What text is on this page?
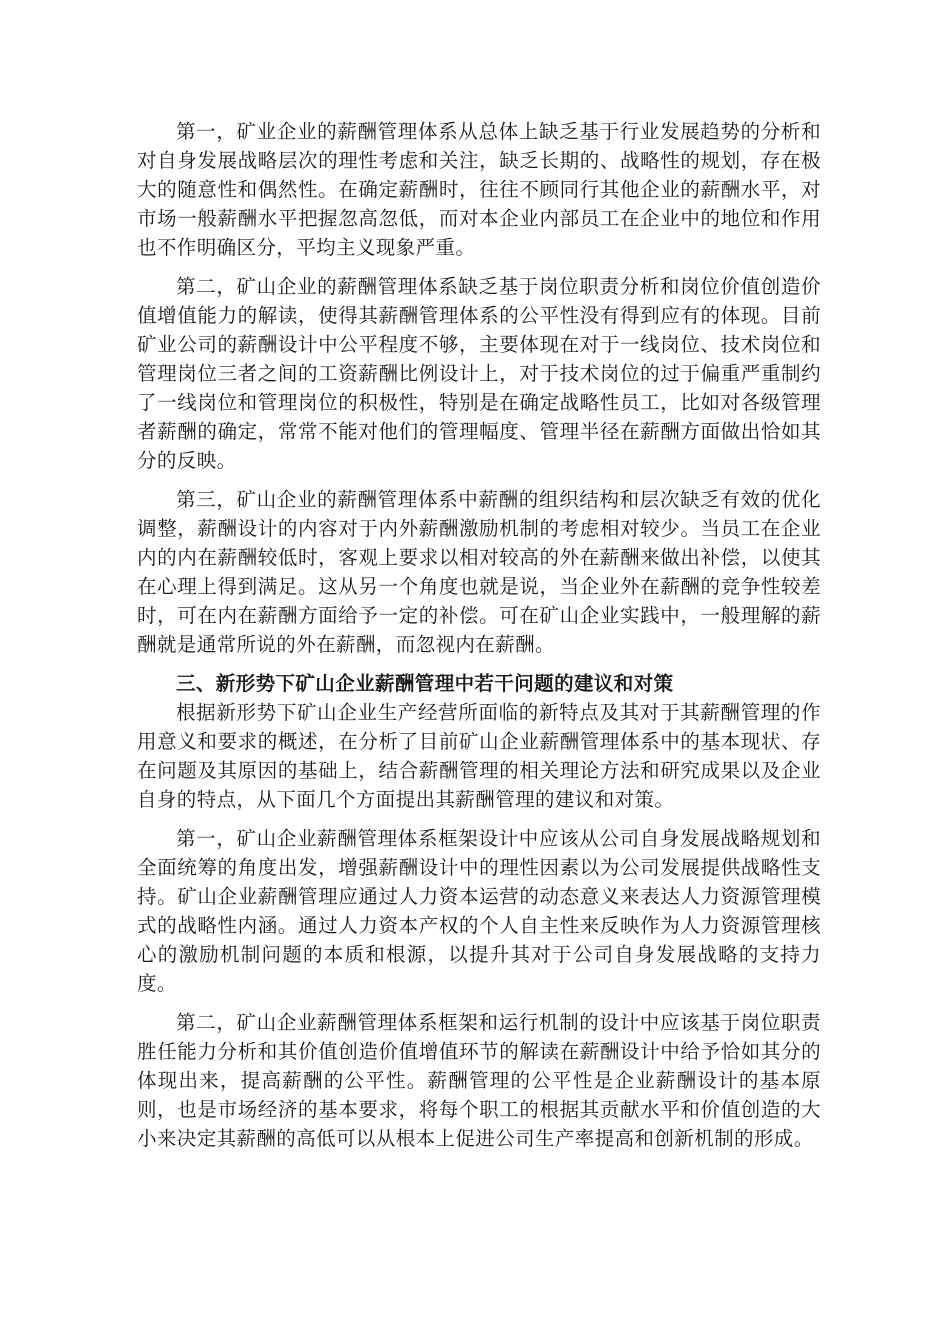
第一，矿业企业的薪酬管理体系从总体上缺乏基于行业发展趋势的分析和对自身发展战略层次的理性考虑和关注，缺乏长期的、战略性的规划，存在极大的随意性和偶然性。在确定薪酬时，往往不顾同行其他企业的薪酬水平，对市场一般薪酬水平把握忽高忽低，而对本企业内部员工在企业中的地位和作用也不作明确区分，平均主义现象严重。

第二，矿山企业的薪酬管理体系缺乏基于岗位职责分析和岗位价值创造价值增值能力的解读，使得其薪酬管理体系的公平性没有得到应有的体现。目前矿业公司的薪酬设计中公平程度不够，主要体现在对于一线岗位、技术岗位和管理岗位三者之间的工资薪酬比例设计上，对于技术岗位的过于偏重严重制约了一线岗位和管理岗位的积极性，特别是在确定战略性员工，比如对各级管理者薪酬的确定，常常不能对他们的管理幅度、管理半径在薪酬方面做出恰如其分的反映。

第三，矿山企业的薪酬管理体系中薪酬的组织结构和层次缺乏有效的优化调整，薪酬设计的内容对于内外薪酬激励机制的考虑相对较少。当员工在企业内的内在薪酬较低时，客观上要求以相对较高的外在薪酬来做出补偿，以使其在心理上得到满足。这从另一个角度也就是说，当企业外在薪酬的竞争性较差时，可在内在薪酬方面给予一定的补偿。可在矿山企业实践中，一般理解的薪酬就是通常所说的外在薪酬，而忽视内在薪酬。

三、新形势下矿山企业薪酬管理中若干问题的建议和对策

根据新形势下矿山企业生产经营所面临的新特点及其对于其薪酬管理的作用意义和要求的概述，在分析了目前矿山企业薪酬管理体系中的基本现状、存在问题及其原因的基础上，结合薪酬管理的相关理论方法和研究成果以及企业自身的特点，从下面几个方面提出其薪酬管理的建议和对策。

第一，矿山企业薪酬管理体系框架设计中应该从公司自身发展战略规划和全面统筹的角度出发，增强薪酬设计中的理性因素以为公司发展提供战略性支持。矿山企业薪酬管理应通过人力资本运营的动态意义来表达人力资源管理模式的战略性内涵。通过人力资本产权的个人自主性来反映作为人力资源管理核心的激励机制问题的本质和根源，以提升其对于公司自身发展战略的支持力度。

第二，矿山企业薪酬管理体系框架和运行机制的设计中应该基于岗位职责胜任能力分析和其价值创造价值增值环节的解读在薪酬设计中给予恰如其分的体现出来，提高薪酬的公平性。薪酬管理的公平性是企业薪酬设计的基本原则，也是市场经济的基本要求，将每个职工的根据其贡献水平和价值创造的大小来决定其薪酬的高低可以从根本上促进公司生产率提高和创新机制的形成。
